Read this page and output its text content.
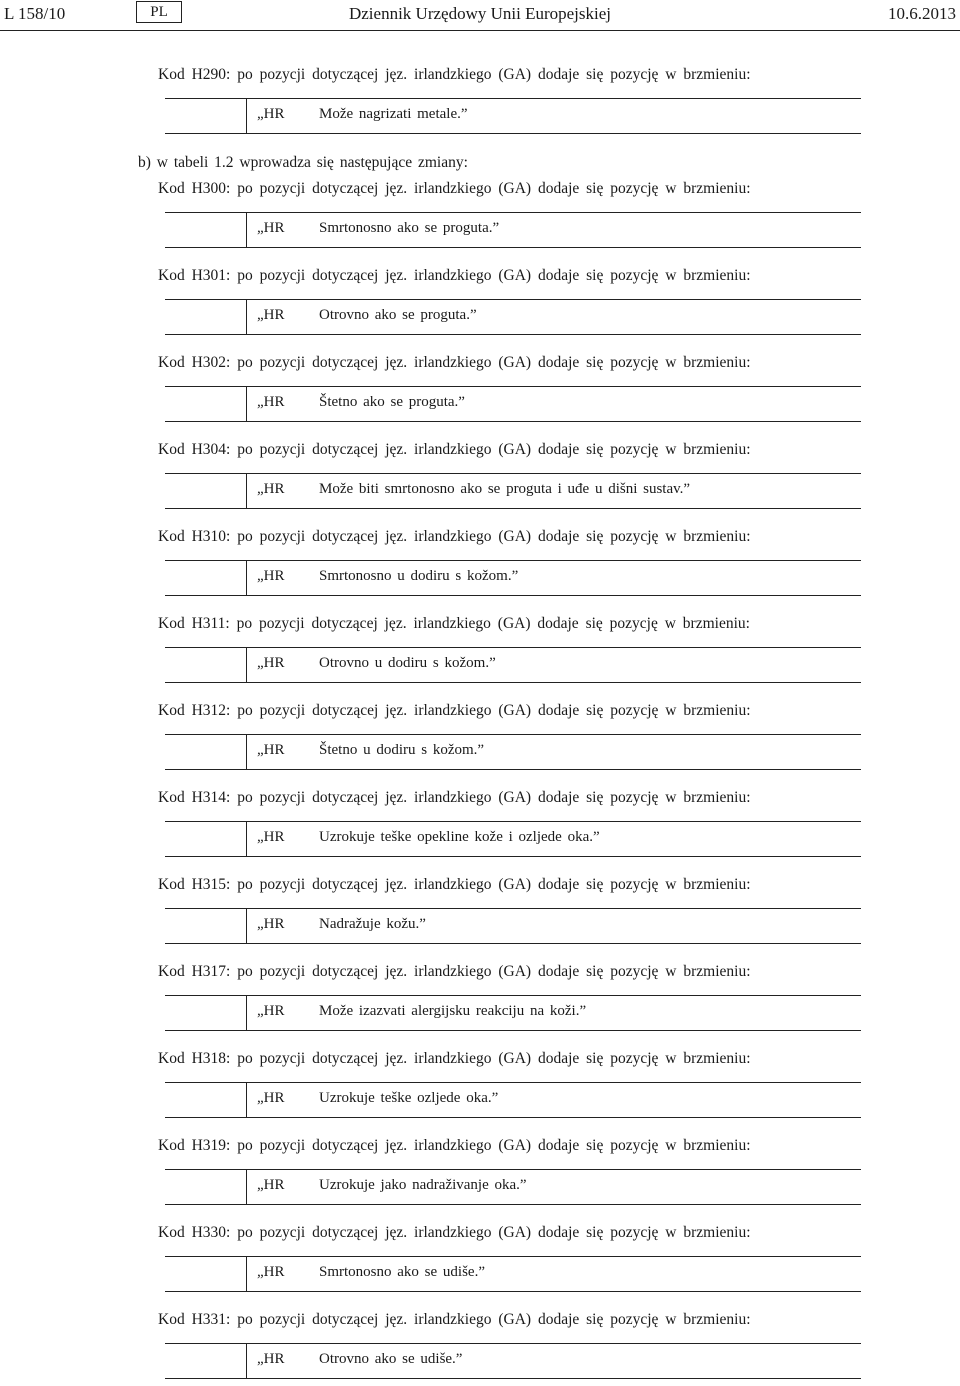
L 158/10	PL	Dziennik Urzędowy Unii Europejskiej	10.6.2013
b) w tabeli 1.2 wprowadza się następujące zmiany:
Kod H290: po pozycji dotyczącej jęz. irlandzkiego (GA) dodaje się pozycję w brzmieniu:
„HR Može nagrizati metale.”
Kod H300: po pozycji dotyczącej jęz. irlandzkiego (GA) dodaje się pozycję w brzmieniu:
„HR Smrtonosno ako se proguta.”
Kod H301: po pozycji dotyczącej jęz. irlandzkiego (GA) dodaje się pozycję w brzmieniu:
„HR Otrovno ako se proguta.”
Kod H302: po pozycji dotyczącej jęz. irlandzkiego (GA) dodaje się pozycję w brzmieniu:
„HR Štetno ako se proguta.”
Kod H304: po pozycji dotyczącej jęz. irlandzkiego (GA) dodaje się pozycję w brzmieniu:
„HR Može biti smrtonosno ako se proguta i uđe u dišni sustav.”
Kod H310: po pozycji dotyczącej jęz. irlandzkiego (GA) dodaje się pozycję w brzmieniu:
„HR Smrtonosno u dodiru s kožom.”
Kod H311: po pozycji dotyczącej jęz. irlandzkiego (GA) dodaje się pozycję w brzmieniu:
„HR Otrovno u dodiru s kožom.”
Kod H312: po pozycji dotyczącej jęz. irlandzkiego (GA) dodaje się pozycję w brzmieniu:
„HR Štetno u dodiru s kožom.”
Kod H314: po pozycji dotyczącej jęz. irlandzkiego (GA) dodaje się pozycję w brzmieniu:
„HR Uzrokuje teške opekline kože i ozljede oka.”
Kod H315: po pozycji dotyczącej jęz. irlandzkiego (GA) dodaje się pozycję w brzmieniu:
„HR Nadražuje kožu.”
Kod H317: po pozycji dotyczącej jęz. irlandzkiego (GA) dodaje się pozycję w brzmieniu:
„HR Može izazvati alergijsku reakciju na koži.”
Kod H318: po pozycji dotyczącej jęz. irlandzkiego (GA) dodaje się pozycję w brzmieniu:
„HR Uzrokuje teške ozljede oka.”
Kod H319: po pozycji dotyczącej jęz. irlandzkiego (GA) dodaje się pozycję w brzmieniu:
„HR Uzrokuje jako nadraživanje oka.”
Kod H330: po pozycji dotyczącej jęz. irlandzkiego (GA) dodaje się pozycję w brzmieniu:
„HR Smrtonosno ako se udiše.”
Kod H331: po pozycji dotyczącej jęz. irlandzkiego (GA) dodaje się pozycję w brzmieniu:
„HR Otrovno ako se udiše.”
